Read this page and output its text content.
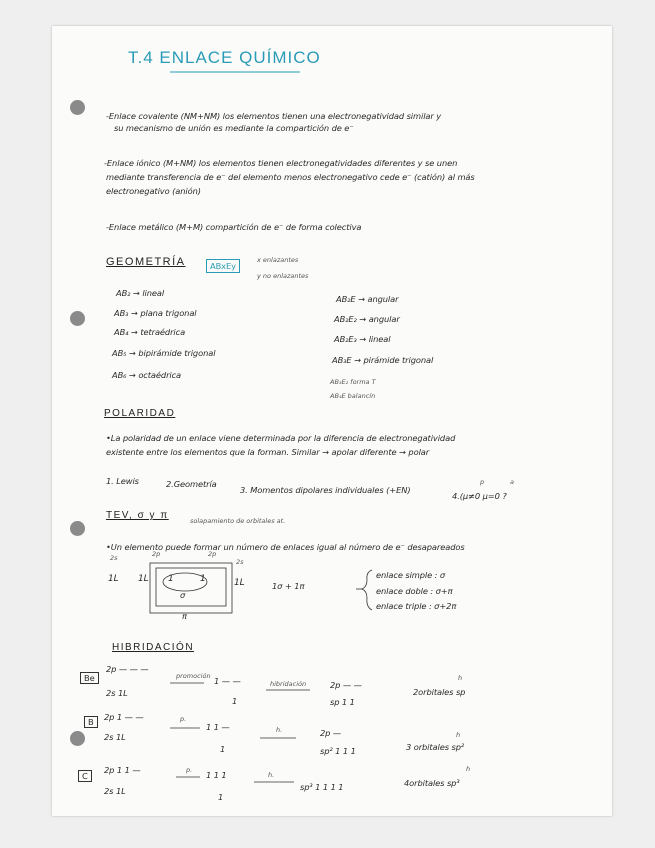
T.4 ENLACE QUÍMICO
-Enlace covalente (NM+NM) los elementos tienen una electronegatividad similar y
su mecanismo de unión es mediante la compartición de e⁻
-Enlace iónico (M+NM) los elementos tienen electronegatividades diferentes y se unen
mediante transferencia de e⁻ del elemento menos electronegativo cede e⁻ (catión) al más
electronegativo (anión)
-Enlace metálico (M+M) compartición de e⁻ de forma colectiva
GEOMETRÍA	ABxEy
x enlazantes
y no enlazantes
AB₂ → lineal
AB₃ → plana trigonal
AB₄ → tetraédrica
AB₅ → bipirámide trigonal
AB₆ → octaédrica
AB₂E → angular
AB₂E₂ → angular
AB₂E₃ → lineal
AB₃E → pirámide trigonal
AB₃E₂ forma T
AB₄E balancín
POLARIDAD
•La polaridad de un enlace viene determinada por la diferencia de electronegatividad
existente entre los elementos que la forman. Similar → apolar diferente → polar
1. Lewis	2.Geometría
3. Momentos dipolares individuales (+EN)
4.(μ≠0 μ=0 ?
p	a
TEV, σ y π	solapamiento de orbitales at.
•Un elemento puede formar un número de enlaces igual al número de e⁻ desapareados
2s	2p	2p
2s
1L 1L	1L
1	1
σ
π
1σ + 1π
enlace simple : σ
enlace doble : σ+π
enlace triple : σ+2π
HIBRIDACIÓN
Be
2p — — —
2s 1L
promoción 1 — —
1
hibridación	2p — —
sp 1 1
2orbitales sp
h
B	2p 1 — —
2s 1L
p.
1 1 —
1
h.	2p —
sp² 1 1 1	3 orbitales sp²
h
C
2p 1 1 —
2s 1L
p. 1 1 1
1
h.
sp³ 1 1 1 1	4orbitales sp³
h
